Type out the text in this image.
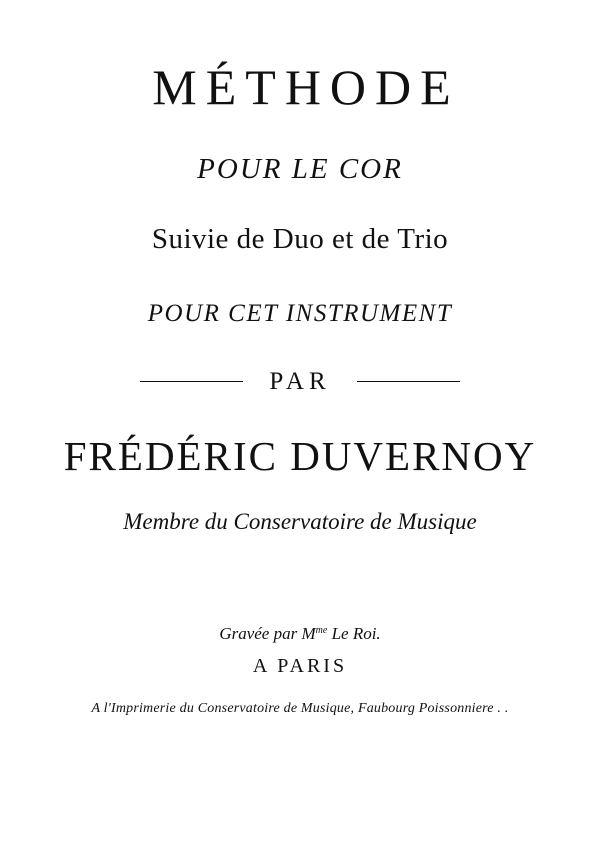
MÉTHODE
POUR LE COR
Suivie de Duo et de Trio
POUR CET INSTRUMENT
PAR
FRÉDÉRIC DUVERNOY
Membre du Conservatoire de Musique
Gravée par $M^{me}$ Le Roi.
A PARIS
A l'Imprimerie du Conservatoire de Musique, Faubourg Poissonniere . .
